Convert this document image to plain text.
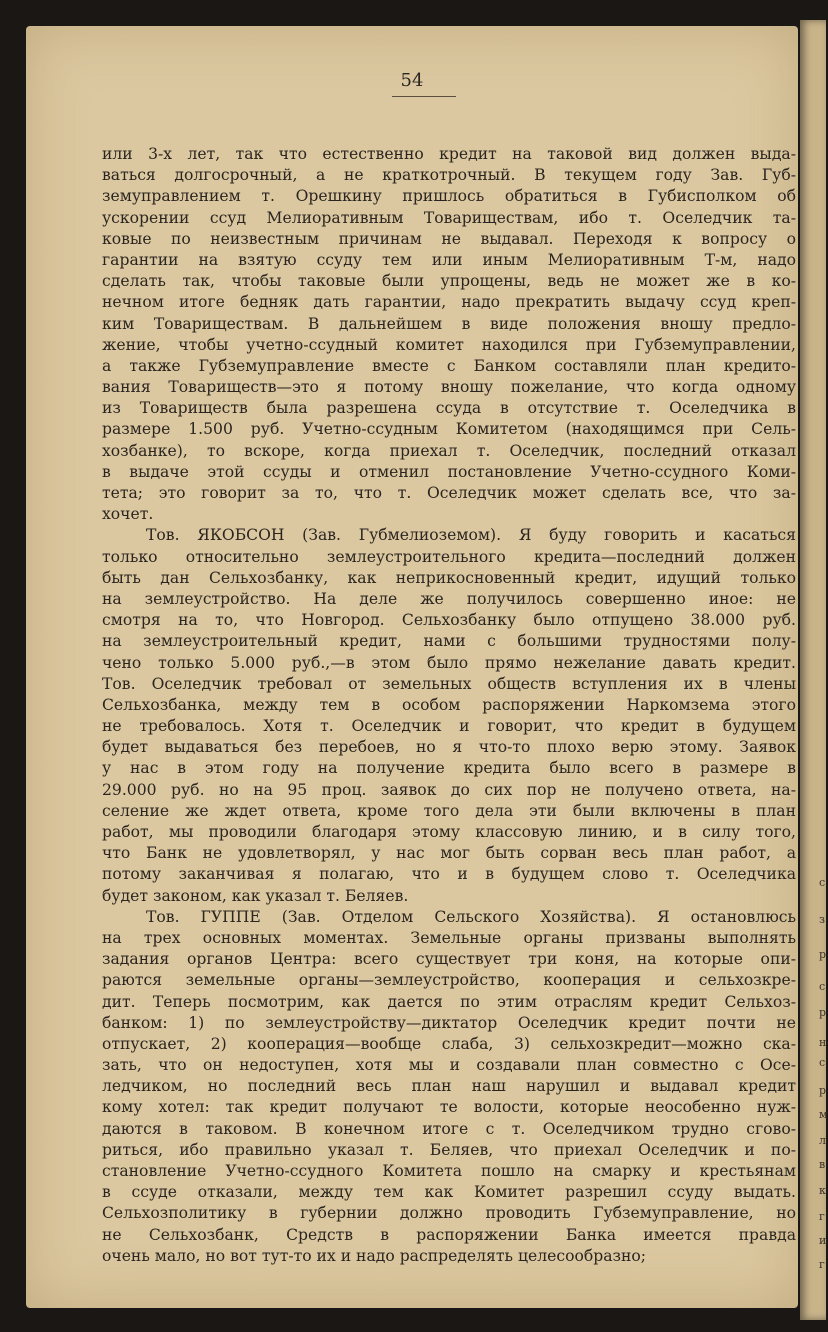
с
з
р
с
р
н
с
р
м
л
в
к
г
и
г
54
или 3-х лет, так что естественно кредит на таковой вид должен выда-
ваться долгосрочный, а не краткотрочный. В текущем году Зав. Губ-
земуправлением т. Орешкину пришлось обратиться в Губисполком об
ускорении ссуд Мелиоративным Товариществам, ибо т. Оселедчик та-
ковые по неизвестным причинам не выдавал. Переходя к вопросу о
гарантии на взятую ссуду тем или иным Мелиоративным Т-м, надо
сделать так, чтобы таковые были упрощены, ведь не может же в ко-
нечном итоге бедняк дать гарантии, надо прекратить выдачу ссуд креп-
ким Товариществам. В дальнейшем в виде положения вношу предло-
жение, чтобы учетно-ссудный комитет находился при Губземуправлении,
а также Губземуправление вместе с Банком составляли план кредито-
вания Товариществ—это я потому вношу пожелание, что когда одному
из Товариществ была разрешена ссуда в отсутствие т. Оселедчика в
размере 1.500 руб. Учетно-ссудным Комитетом (находящимся при Сель-
хозбанке), то вскоре, когда приехал т. Оселедчик, последний отказал
в выдаче этой ссуды и отменил постановление Учетно-ссудного Коми-
тета; это говорит за то, что т. Оселедчик может сделать все, что за-
хочет.
Тов. ЯКОБСОН (Зав. Губмелиоземом). Я буду говорить и касаться
только относительно землеустроительного кредита—последний должен
быть дан Сельхозбанку, как неприкосновенный кредит, идущий только
на землеустройство. На деле же получилось совершенно иное: не
смотря на то, что Новгород. Сельхозбанку было отпущено 38.000 руб.
на землеустроительный кредит, нами с большими трудностями полу-
чено только 5.000 руб.,—в этом было прямо нежелание давать кредит.
Тов. Оселедчик требовал от земельных обществ вступления их в члены
Сельхозбанка, между тем в особом распоряжении Наркомзема этого
не требовалось. Хотя т. Оселедчик и говорит, что кредит в будущем
будет выдаваться без перебоев, но я что-то плохо верю этому. Заявок
у нас в этом году на получение кредита было всего в размере в
29.000 руб. но на 95 проц. заявок до сих пор не получено ответа, на-
селение же ждет ответа, кроме того дела эти были включены в план
работ, мы проводили благодаря этому классовую линию, и в силу того,
что Банк не удовлетворял, у нас мог быть сорван весь план работ, а
потому заканчивая я полагаю, что и в будущем слово т. Оселедчика
будет законом, как указал т. Беляев.
Тов. ГУППЕ (Зав. Отделом Сельского Хозяйства). Я остановлюсь
на трех основных моментах. Земельные органы призваны выполнять
задания органов Центра: всего существует три коня, на которые опи-
раются земельные органы—землеустройство, кооперация и сельхозкре-
дит. Теперь посмотрим, как дается по этим отраслям кредит Сельхоз-
банком: 1) по землеустройству—диктатор Оселедчик кредит почти не
отпускает, 2) кооперация—вообще слаба, 3) сельхозкредит—можно ска-
зать, что он недоступен, хотя мы и создавали план совместно с Осе-
ледчиком, но последний весь план наш нарушил и выдавал кредит
кому хотел: так кредит получают те волости, которые неособенно нуж-
даются в таковом. В конечном итоге с т. Оселедчиком трудно сгово-
риться, ибо правильно указал т. Беляев, что приехал Оселедчик и по-
становление Учетно-ссудного Комитета пошло на смарку и крестьянам
в ссуде отказали, между тем как Комитет разрешил ссуду выдать.
Сельхозполитику в губернии должно проводить Губземуправление, но
не Сельхозбанк, Средств в распоряжении Банка имеется правда
очень мало, но вот тут-то их и надо распределять целесообразно;
